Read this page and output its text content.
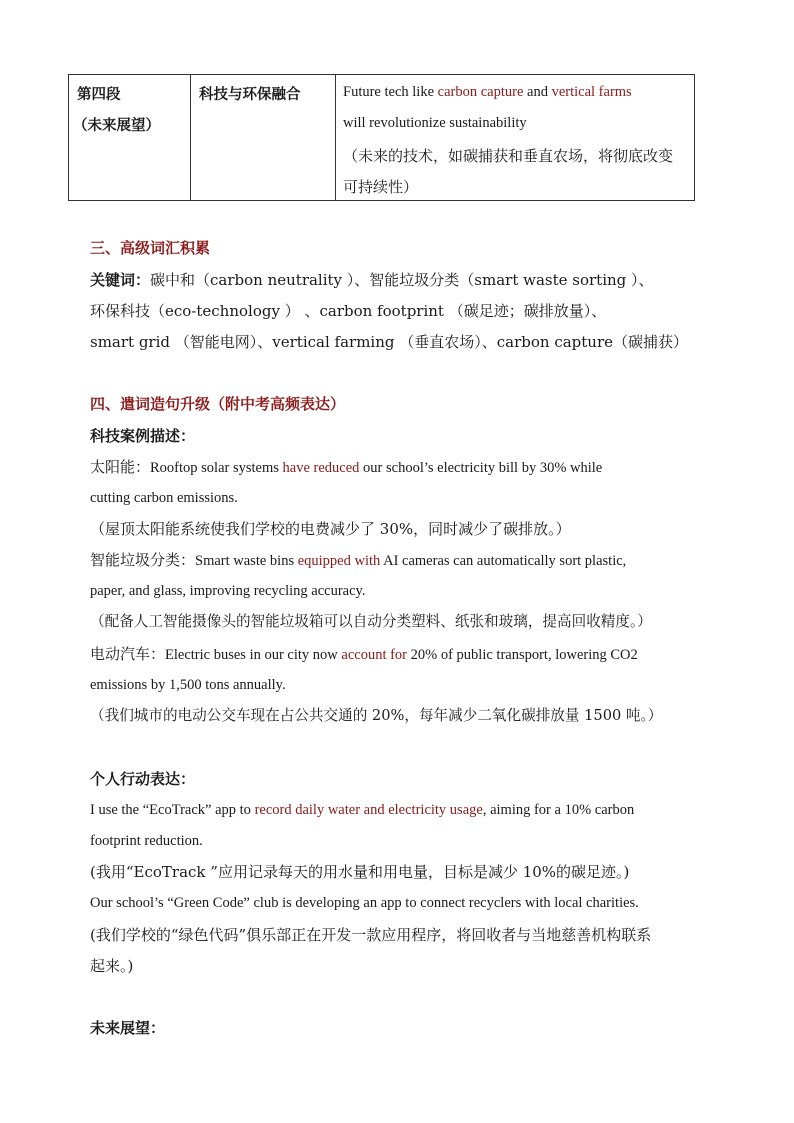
第四段
（未来展望）
科技与环保融合	Future tech like carbon capture and vertical farms
will revolutionize sustainability
（未来的技术，如碳捕获和垂直农场，将彻底改变
可持续性）
三、高级词汇积累
关键词：碳中和（carbon neutrality ）、智能垃圾分类（smart waste sorting ）、
环保科技（eco-technology ） 、carbon footprint （碳足迹；碳排放量）、
smart grid （智能电网）、vertical farming （垂直农场）、carbon capture（碳捕获）
四、遣词造句升级（附中考高频表达）
科技案例描述：
太阳能：Rooftop solar systems have reduced our school’s electricity bill by 30% while
cutting carbon emissions.
（屋顶太阳能系统使我们学校的电费减少了 30%，同时减少了碳排放。）
智能垃圾分类：Smart waste bins equipped with AI cameras can automatically sort plastic,
paper, and glass, improving recycling accuracy.
（配备人工智能摄像头的智能垃圾箱可以自动分类塑料、纸张和玻璃，提高回收精度。）
电动汽车：Electric buses in our city now account for 20% of public transport, lowering CO2
emissions by 1,500 tons annually.
（我们城市的电动公交车现在占公共交通的 20%，每年减少二氧化碳排放量 1500 吨。）
个人行动表达：
I use the “EcoTrack” app to record daily water and electricity usage, aiming for a 10% carbon
footprint reduction.
(我用“EcoTrack ”应用记录每天的用水量和用电量，目标是减少 10%的碳足迹。)
Our school’s “Green Code” club is developing an app to connect recyclers with local charities.
(我们学校的“绿色代码”俱乐部正在开发一款应用程序，将回收者与当地慈善机构联系
起来。)
未来展望：
